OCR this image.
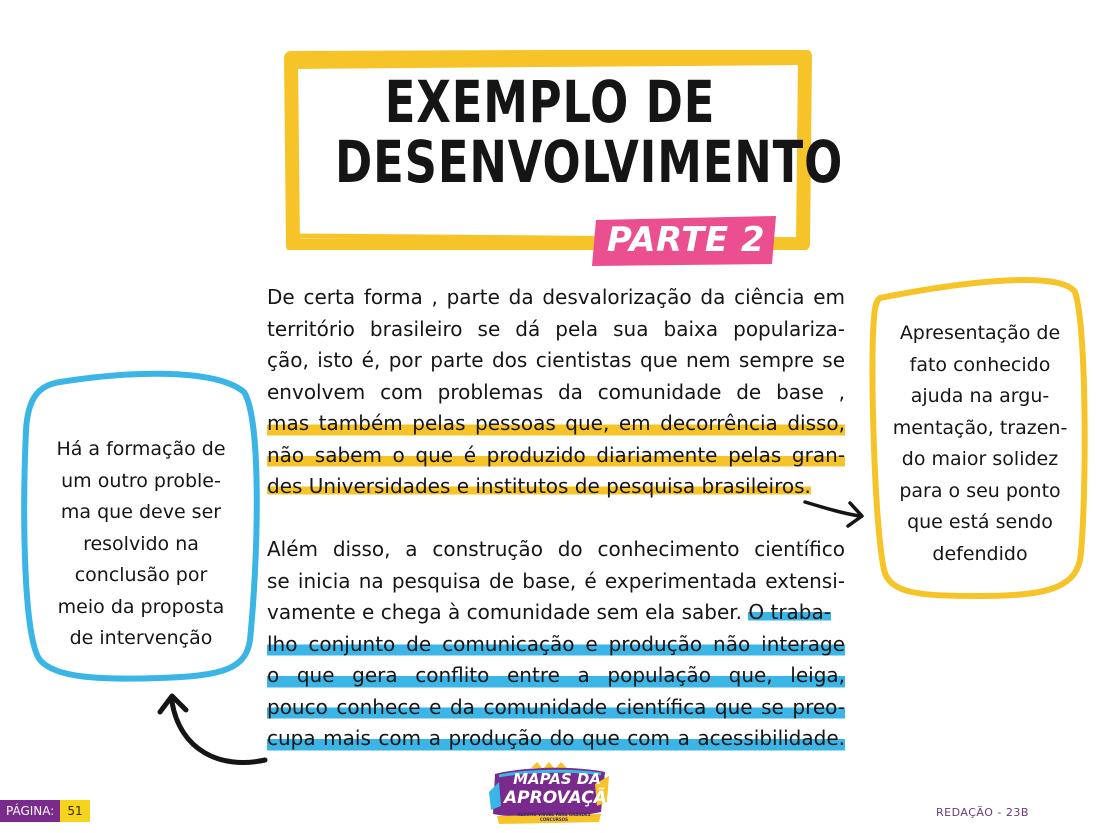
EXEMPLO DE
DESENVOLVIMENTO
PARTE 2
De certa forma , parte da desvalorização da ciência em
território brasileiro se dá pela sua baixa populariza-
ção, isto é, por parte dos cientistas que nem sempre se
envolvem com problemas da comunidade de base ,
mas também pelas pessoas que, em decorrência disso,
não sabem o que é produzido diariamente pelas gran-
des Universidades e institutos de pesquisa brasileiros.
Além disso, a construção do conhecimento científico
se inicia na pesquisa de base, é experimentada extensi-
vamente e chega à comunidade sem ela saber. O traba-
lho conjunto de comunicação e produção não interage
o que gera conflito entre a população que, leiga,
pouco conhece e da comunidade científica que se preo-
cupa mais com a produção do que com a acessibilidade.
Há a formação de
um outro proble-
ma que deve ser
resolvido na
conclusão por
meio da proposta
de intervenção
Apresentação de
fato conhecido
ajuda na argu-
mentação, trazen-
do maior solidez
para o seu ponto
que está sendo
defendido
PÁGINA:	51
MAPAS DA
APROVAÇÃO
RESUMO VISUAL PARA GRANDES CONCURSOS
REDAÇÃO - 23B
